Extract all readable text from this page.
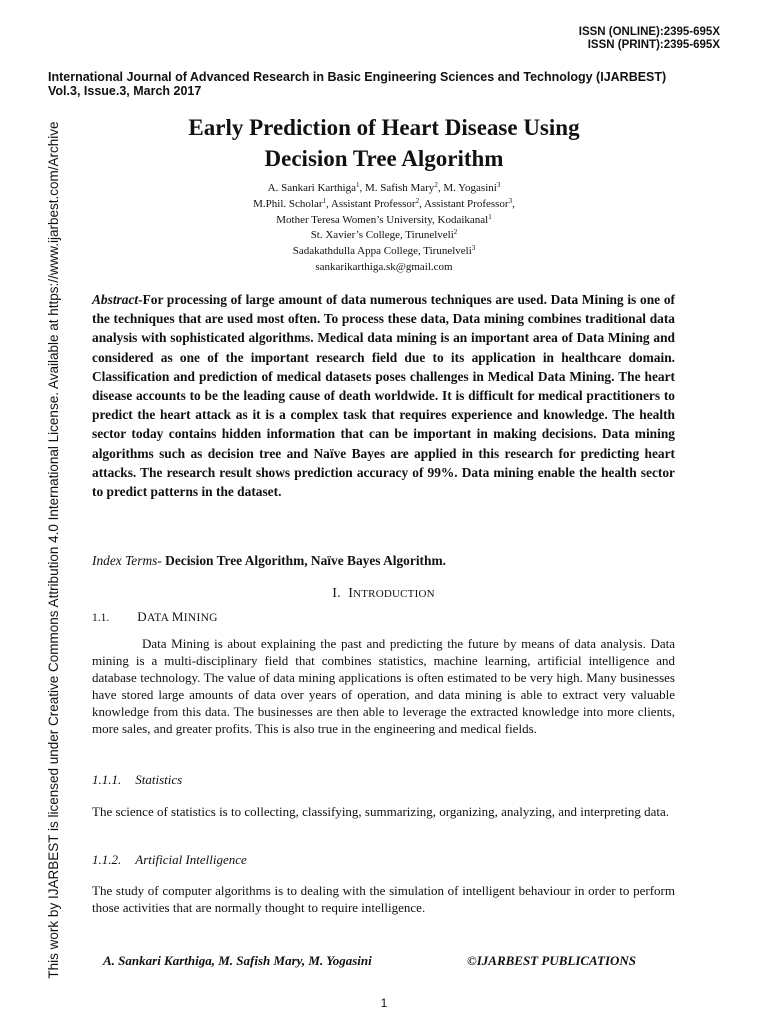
ISSN (ONLINE):2395-695X
ISSN (PRINT):2395-695X
International Journal of Advanced Research in Basic Engineering Sciences and Technology (IJARBEST)
Vol.3, Issue.3, March 2017
This work by IJARBEST is licensed under Creative Commons Attribution 4.0 International License. Available at https://www.ijarbest.com/Archive	Early Prediction of Heart Disease Using
Decision Tree Algorithm
A. Sankari Karthiga$^1$, M. Safish Mary$^2$, M. Yogasini$^3$
M.Phil. Scholar$^1$, Assistant Professor$^2$, Assistant Professor$^3$,
Mother Teresa Women’s University, Kodaikanal$^1$
St. Xavier’s College, Tirunelveli$^2$
Sadakathdulla Appa College, Tirunelveli$^3$
sankarikarthiga.sk@gmail.com
Abstract-For processing of large amount of data numerous techniques are used. Data Mining is one of the techniques that are used most often. To process these data, Data mining combines traditional data analysis with sophisticated algorithms. Medical data mining is an important area of Data Mining and considered as one of the important research field due to its application in healthcare domain. Classification and prediction of medical datasets poses challenges in Medical Data Mining. The heart disease accounts to be the leading cause of death worldwide. It is difficult for medical practitioners to predict the heart attack as it is a complex task that requires experience and knowledge. The health sector today contains hidden information that can be important in making decisions. Data mining algorithms such as decision tree and Naïve Bayes are applied in this research for predicting heart attacks. The research result shows prediction accuracy of 99%. Data mining enable the health sector to predict patterns in the dataset.
Index Terms- Decision Tree Algorithm, Naïve Bayes Algorithm.
I. INTRODUCTION
1.1. DATA MINING
Data Mining is about explaining the past and predicting the future by means of data analysis. Data mining is a multi-disciplinary field that combines statistics, machine learning, artificial intelligence and database technology. The value of data mining applications is often estimated to be very high. Many businesses have stored large amounts of data over years of operation, and data mining is able to extract very valuable knowledge from this data. The businesses are then able to leverage the extracted knowledge into more clients, more sales, and greater profits. This is also true in the engineering and medical fields.
1.1.1. Statistics
The science of statistics is to collecting, classifying, summarizing, organizing, analyzing, and interpreting data.
1.1.2. Artificial Intelligence
The study of computer algorithms is to dealing with the simulation of intelligent behaviour in order to perform those activities that are normally thought to require intelligence.
A. Sankari Karthiga, M. Safish Mary, M. Yogasini	©IJARBEST PUBLICATIONS
1
